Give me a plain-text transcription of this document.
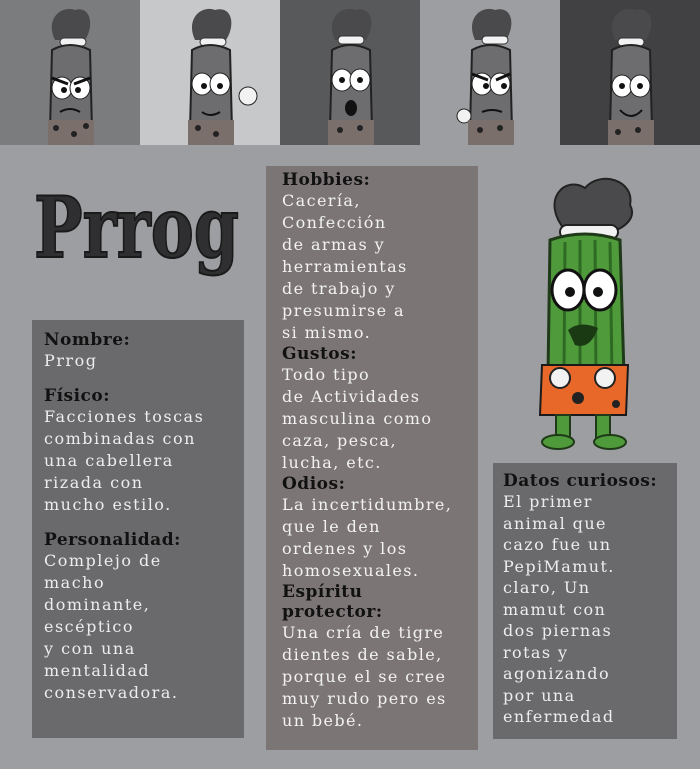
Prrog
Nombre:
Prrog
Físico:
Facciones toscas
combinadas con
una cabellera
rizada con
mucho estilo.
Personalidad:
Complejo de
macho
dominante,
escéptico
y con una
mentalidad
conservadora.
Hobbies:
Cacería,
Confección
de armas y
herramientas
de trabajo y
presumirse a
si mismo.
Gustos:
Todo tipo
de Actividades
masculina como
caza, pesca,
lucha, etc.
Odios:
La incertidumbre,
que le den
ordenes y los
homosexuales.
Espíritu
protector:
Una cría de tigre
dientes de sable,
porque el se cree
muy rudo pero es
un bebé.
Datos curiosos:
El primer
animal que
cazo fue un
PepiMamut.
claro, Un
mamut con
dos piernas
rotas y
agonizando
por una
enfermedad
